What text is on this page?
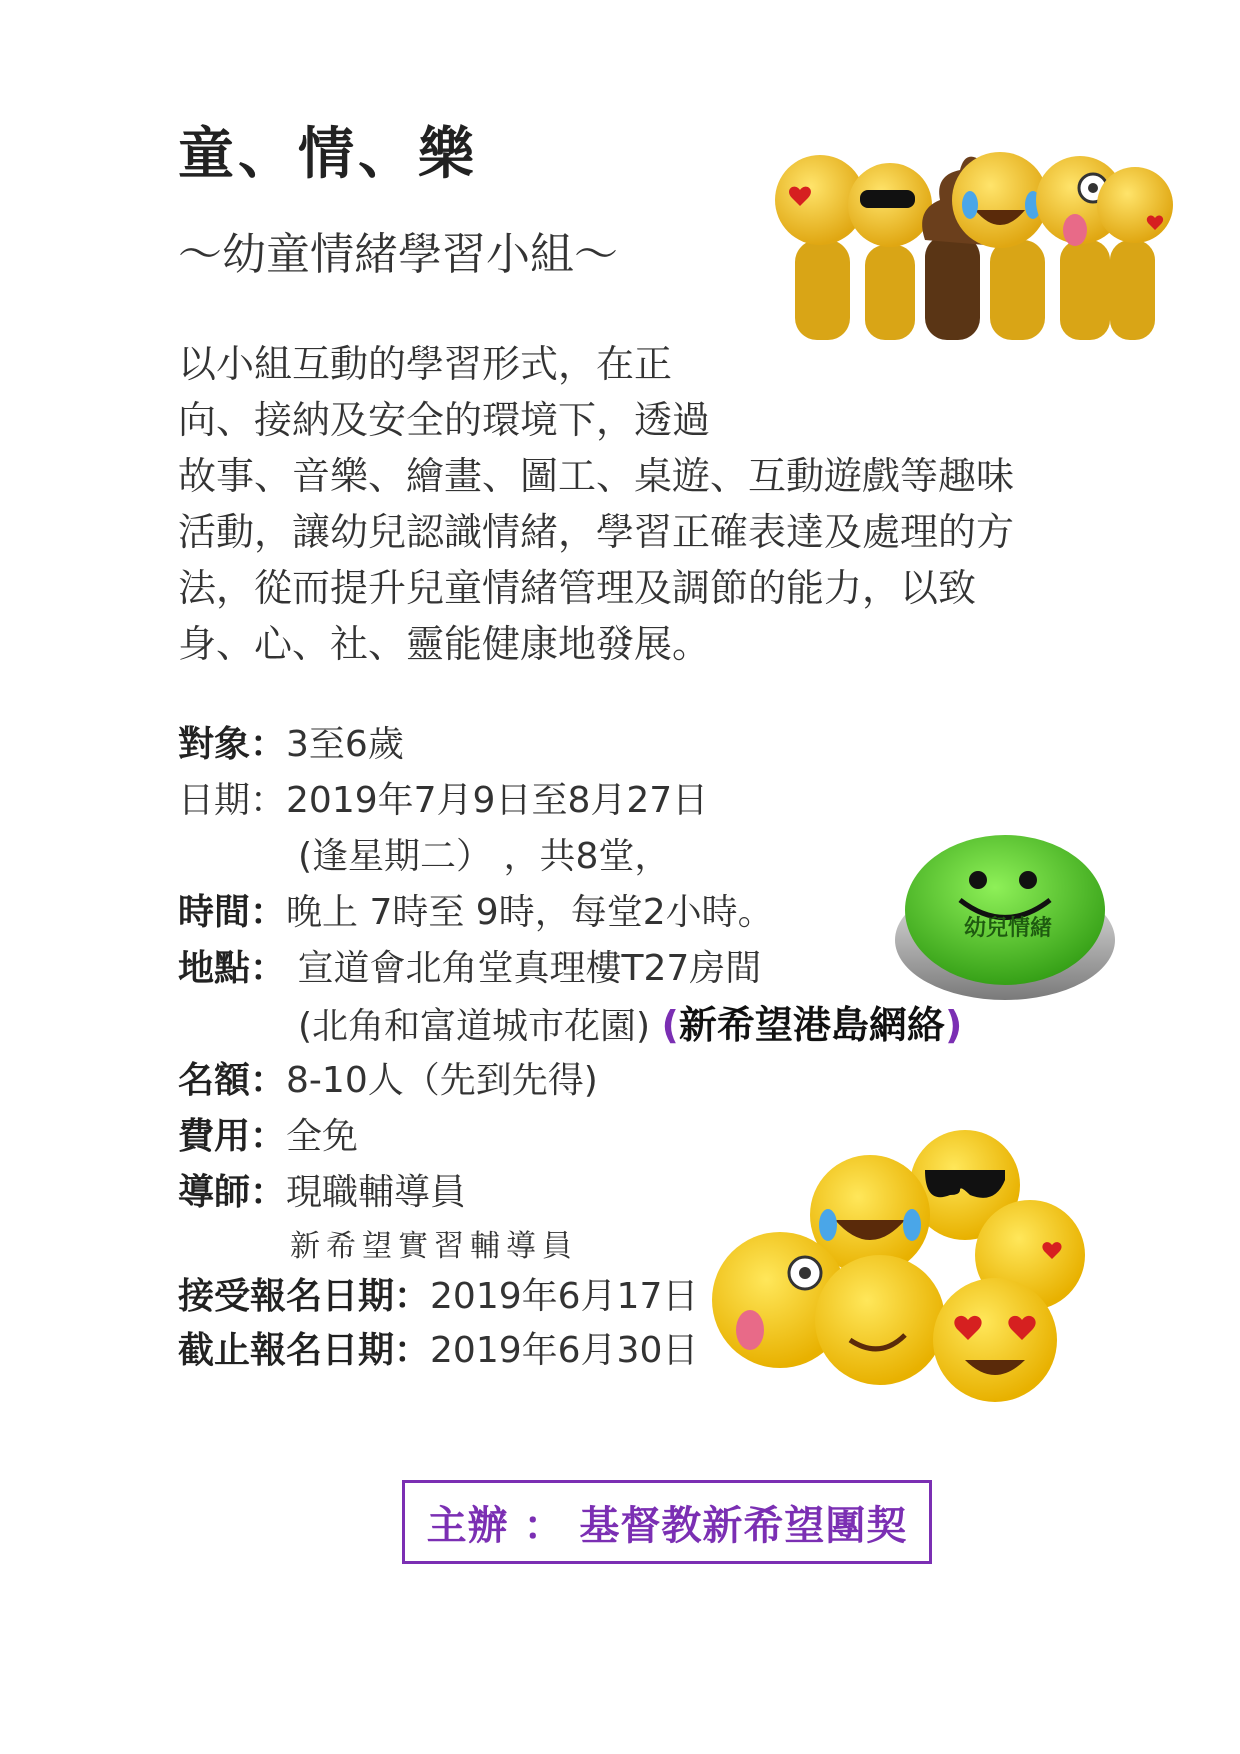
童、情、樂
～幼童情緒學習小組～
以小組互動的學習形式，在正
向、接納及安全的環境下，透過
故事、音樂、繪畫、圖工、桌遊、互動遊戲等趣味
活動，讓幼兒認識情緒，學習正確表達及處理的方
法，從而提升兒童情緒管理及調節的能力，以致
身、心、社、靈能健康地發展。
對象：3至6歲
日期：2019年7月9日至8月27日
(逢星期二） ，共8堂，
時間：晚上 7時至 9時，每堂2小時。
地點： 宣道會北角堂真理樓T27房間
(北角和富道城市花園) (新希望港島網絡)
名額：8-10人（先到先得)
費用：全免
導師：現職輔導員
新希望實習輔導員
接受報名日期：2019年6月17日
截止報名日期：2019年6月30日
幼兒情緒
主辦 ： 基督教新希望團契
